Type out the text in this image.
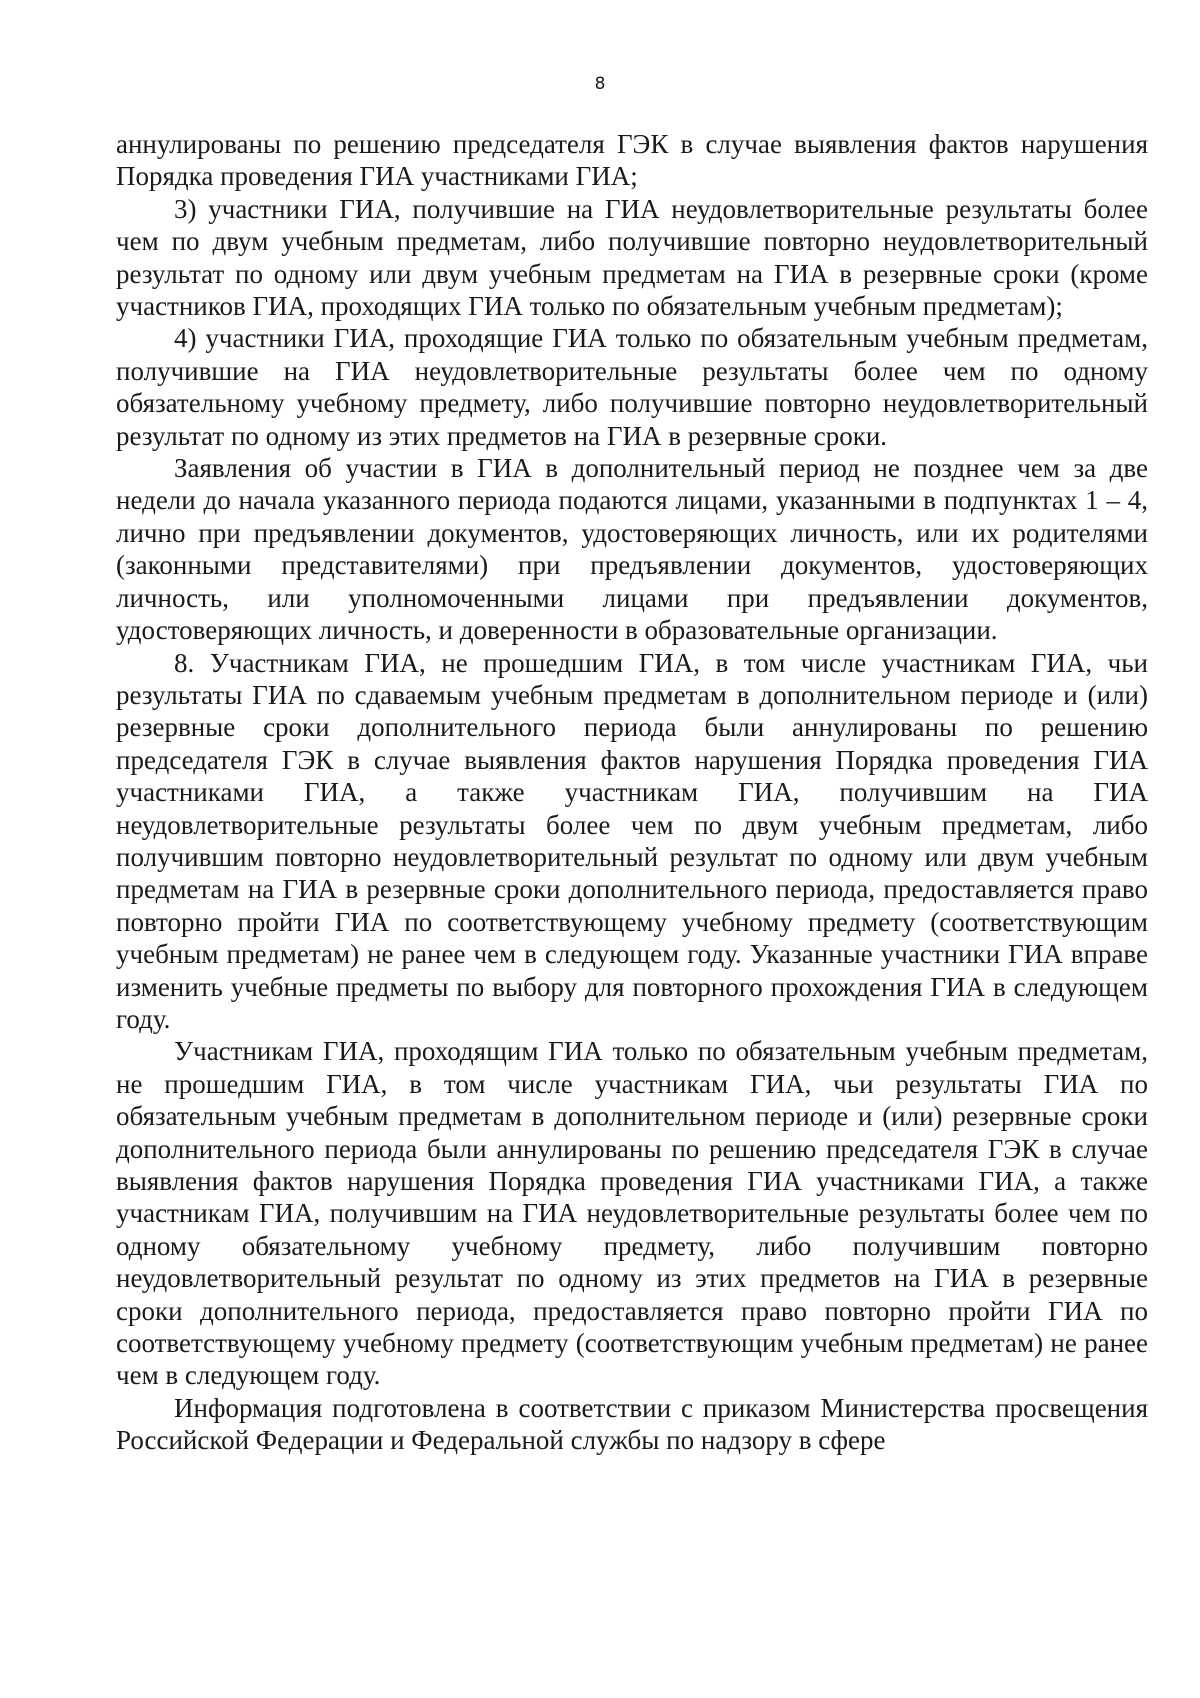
8

аннулированы по решению председателя ГЭК в случае выявления фактов нарушения Порядка проведения ГИА участниками ГИА;

3) участники ГИА, получившие на ГИА неудовлетворительные результаты более чем по двум учебным предметам, либо получившие повторно неудовлетворительный результат по одному или двум учебным предметам на ГИА в резервные сроки (кроме участников ГИА, проходящих ГИА только по обязательным учебным предметам);

4) участники ГИА, проходящие ГИА только по обязательным учебным предметам, получившие на ГИА неудовлетворительные результаты более чем по одному обязательному учебному предмету, либо получившие повторно неудовлетворительный результат по одному из этих предметов на ГИА в резервные сроки.

Заявления об участии в ГИА в дополнительный период не позднее чем за две недели до начала указанного периода подаются лицами, указанными в подпунктах 1 – 4, лично при предъявлении документов, удостоверяющих личность, или их родителями (законными представителями) при предъявлении документов, удостоверяющих личность, или уполномоченными лицами при предъявлении документов, удостоверяющих личность, и доверенности в образовательные организации.

8. Участникам ГИА, не прошедшим ГИА, в том числе участникам ГИА, чьи результаты ГИА по сдаваемым учебным предметам в дополнительном периоде и (или) резервные сроки дополнительного периода были аннулированы по решению председателя ГЭК в случае выявления фактов нарушения Порядка проведения ГИА участниками ГИА, а также участникам ГИА, получившим на ГИА неудовлетворительные результаты более чем по двум учебным предметам, либо получившим повторно неудовлетворительный результат по одному или двум учебным предметам на ГИА в резервные сроки дополнительного периода, предоставляется право повторно пройти ГИА по соответствующему учебному предмету (соответствующим учебным предметам) не ранее чем в следующем году. Указанные участники ГИА вправе изменить учебные предметы по выбору для повторного прохождения ГИА в следующем году.

Участникам ГИА, проходящим ГИА только по обязательным учебным предметам, не прошедшим ГИА, в том числе участникам ГИА, чьи результаты ГИА по обязательным учебным предметам в дополнительном периоде и (или) резервные сроки дополнительного периода были аннулированы по решению председателя ГЭК в случае выявления фактов нарушения Порядка проведения ГИА участниками ГИА, а также участникам ГИА, получившим на ГИА неудовлетворительные результаты более чем по одному обязательному учебному предмету, либо получившим повторно неудовлетворительный результат по одному из этих предметов на ГИА в резервные сроки дополнительного периода, предоставляется право повторно пройти ГИА по соответствующему учебному предмету (соответствующим учебным предметам) не ранее чем в следующем году.

Информация подготовлена в соответствии с приказом Министерства просвещения Российской Федерации и Федеральной службы по надзору в сфере
